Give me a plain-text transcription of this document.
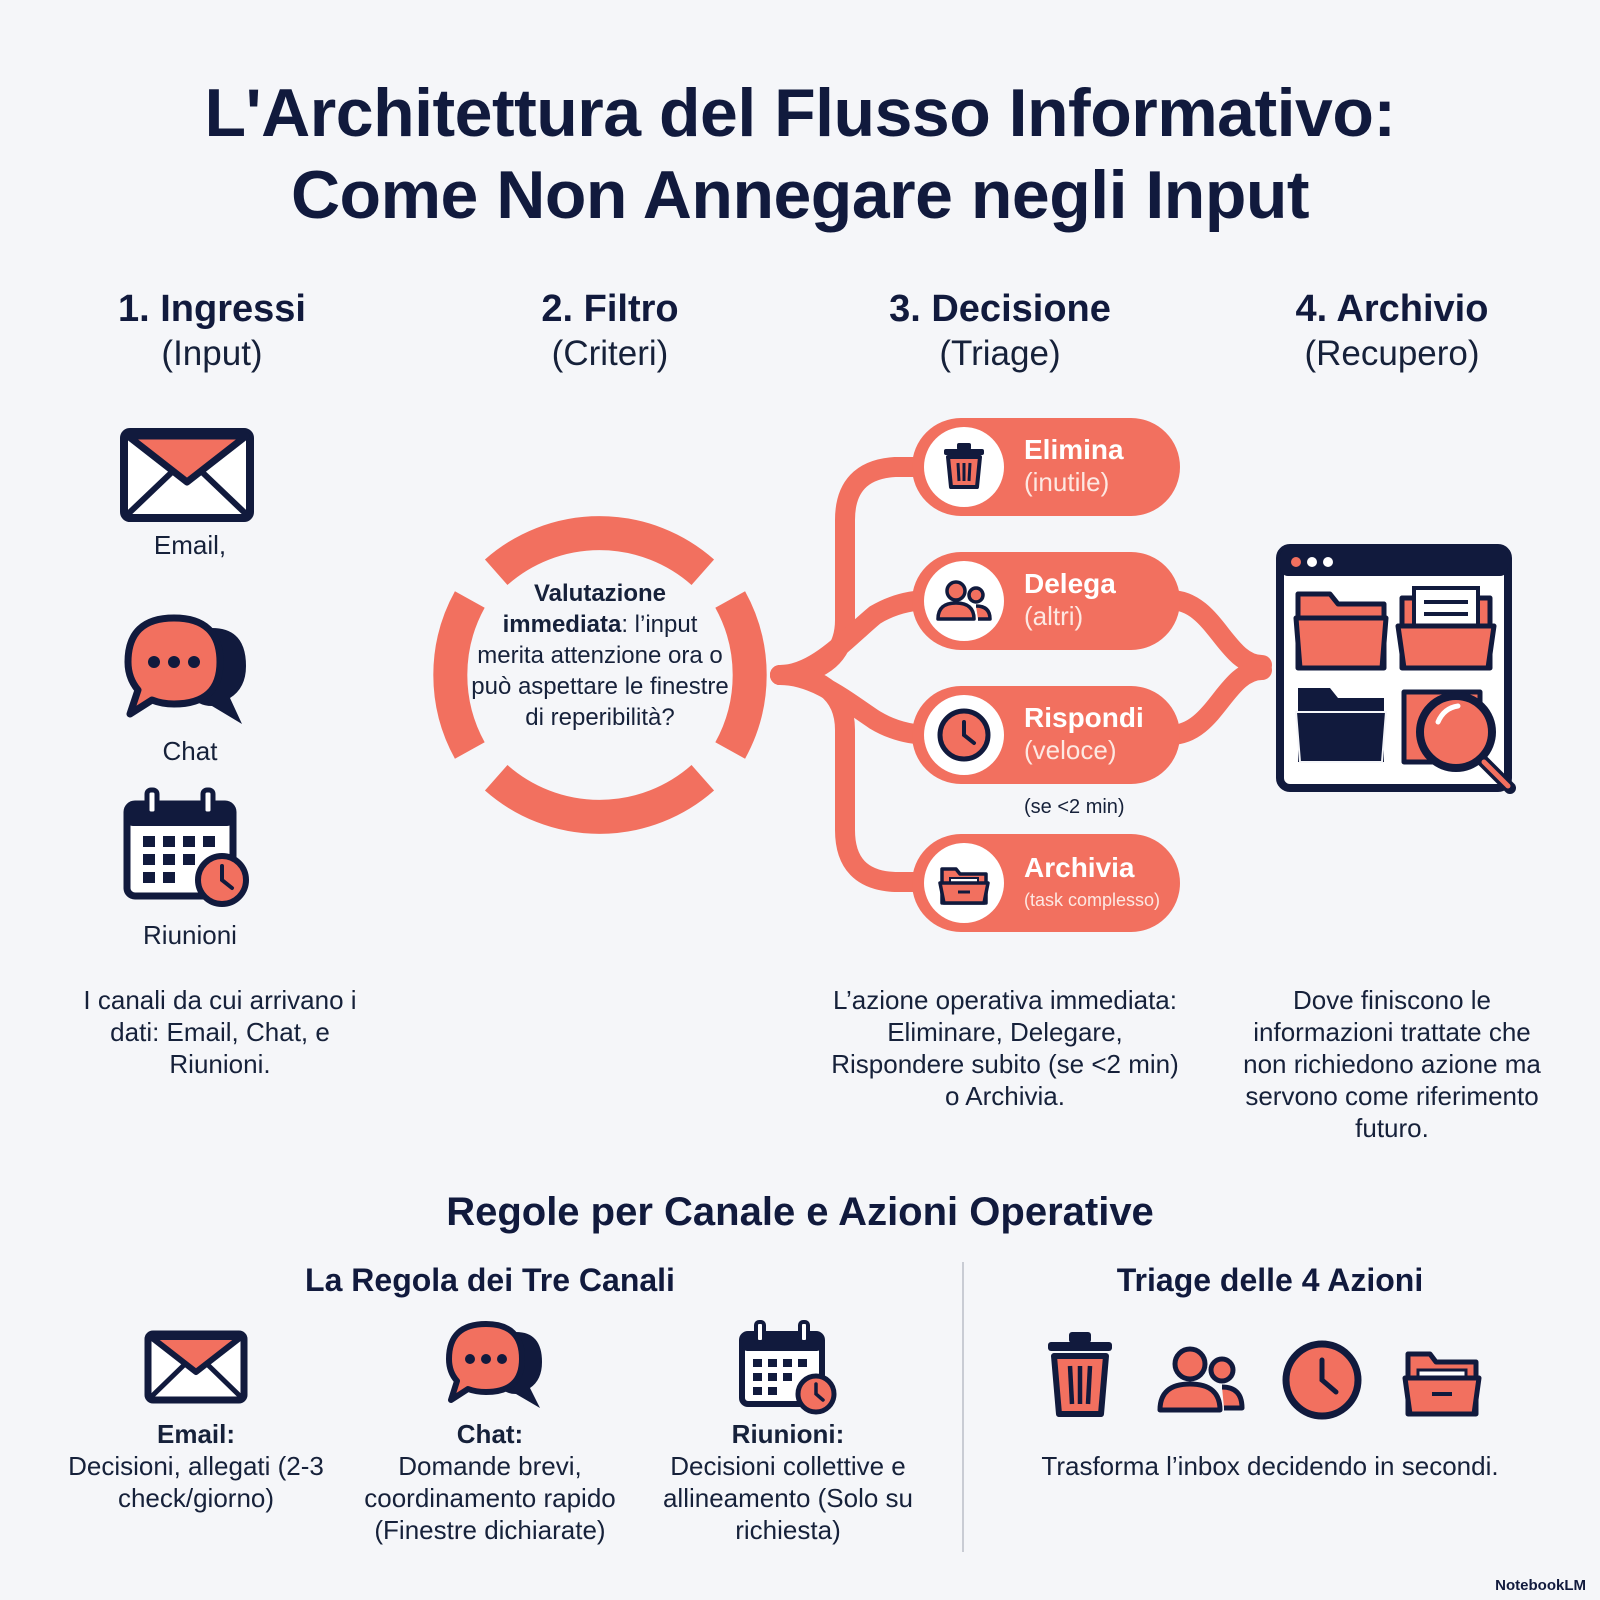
L'Architettura del Flusso Informativo:
Come Non Annegare negli Input
1. Ingressi
(Input)
2. Filtro
(Criteri)
3. Decisione
(Triage)
4. Archivio
(Recupero)
Email,
Chat
Riunioni
I canali da cui arrivano i dati: Email, Chat, e Riunioni.
Valutazione immediata: l’input merita attenzione ora o può aspettare le finestre di reperibilità?
Elimina
(inutile)
Delega
(altri)
Rispondi
(veloce)
Archivia
(task complesso)
(se <2 min)
L’azione operativa immediata: Eliminare, Delegare, Rispondere subito (se <2 min) o Archivia.
Dove finiscono le informazioni trattate che non richiedono azione ma servono come riferimento futuro.
Regole per Canale e Azioni Operative
La Regola dei Tre Canali	Triage delle 4 Azioni
Email:
Decisioni, allegati (2-3 check/giorno)
Chat:
Domande brevi, coordinamento rapido (Finestre dichiarate)
Riunioni:
Decisioni collettive e allineamento (Solo su richiesta)
Trasforma l’inbox decidendo in secondi.
NotebookLM
